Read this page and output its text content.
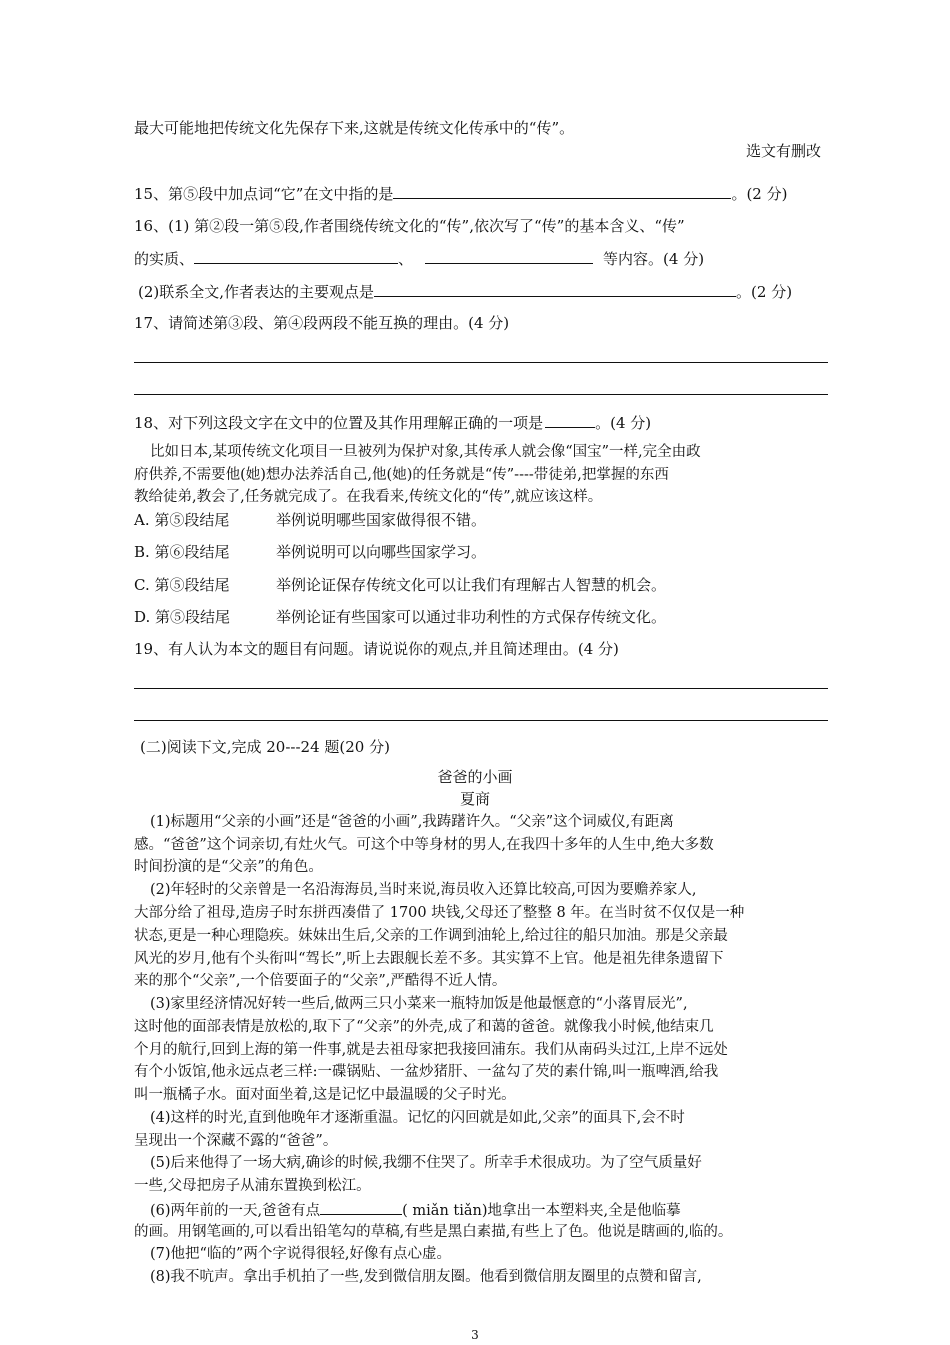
最大可能地把传统文化先保存下来,这就是传统文化传承中的“传”。
选文有删改
15、第⑤段中加点词“它”在文中指的是	。(2 分)
16、(1) 第②段一第⑤段,作者围绕传统文化的“传”,依次写了“传”的基本含义、“传”
的实质、	、	等内容。(4 分)
(2)联系全文,作者表达的主要观点是	。(2 分)
17、请简述第③段、第④段两段不能互换的理由。(4 分)
18、对下列这段文字在文中的位置及其作用理解正确的一项是	。(4 分)
比如日本,某项传统文化项目一旦被列为保护对象,其传承人就会像“国宝”一样,完全由政
府供养,不需要他(她)想办法养活自己,他(她)的任务就是“传”----带徒弟,把掌握的东西
教给徒弟,教会了,任务就完成了。在我看来,传统文化的“传”,就应该这样。
A. 第⑤段结尾	举例说明哪些国家做得很不错。
B. 第⑥段结尾	举例说明可以向哪些国家学习。
C. 第⑤段结尾	举例论证保存传统文化可以让我们有理解古人智慧的机会。
D. 第⑤段结尾	举例论证有些国家可以通过非功利性的方式保存传统文化。
19、有人认为本文的题目有问题。请说说你的观点,并且简述理由。(4 分)
(二)阅读下文,完成 20---24 题(20 分)
爸爸的小画
夏商
(1)标题用“父亲的小画”还是“爸爸的小画”,我踌躇许久。“父亲”这个词威仪,有距离
感。“爸爸”这个词亲切,有灶火气。可这个中等身材的男人,在我四十多年的人生中,绝大多数
时间扮演的是“父亲”的角色。
(2)年轻时的父亲曾是一名沿海海员,当时来说,海员收入还算比较高,可因为要赡养家人,
大部分给了祖母,造房子时东拼西凑借了 1700 块钱,父母还了整整 8 年。在当时贫不仅仅是一种
状态,更是一种心理隐疾。妹妹出生后,父亲的工作调到油轮上,给过往的船只加油。那是父亲最
风光的岁月,他有个头衔叫“驾长”,听上去跟舰长差不多。其实算不上官。他是祖先律条遗留下
来的那个“父亲”,一个倍要面子的“父亲”,严酷得不近人情。
(3)家里经济情况好转一些后,做两三只小菜来一瓶特加饭是他最惬意的“小落胃辰光”,
这时他的面部表情是放松的,取下了“父亲”的外壳,成了和蔼的爸爸。就像我小时候,他结束几
个月的航行,回到上海的第一件事,就是去祖母家把我接回浦东。我们从南码头过江,上岸不远处
有个小饭馆,他永远点老三样:一碟锅贴、一盆炒猪肝、一盆勾了芡的素什锦,叫一瓶啤酒,给我
叫一瓶橘子水。面对面坐着,这是记忆中最温暖的父子时光。
(4)这样的时光,直到他晚年才逐渐重温。记忆的闪回就是如此,父亲”的面具下,会不时
呈现出一个深藏不露的“爸爸”。
(5)后来他得了一场大病,确诊的时候,我绷不住哭了。所幸手术很成功。为了空气质量好
一些,父母把房子从浦东置换到松江。
(6)两年前的一天,爸爸有点	( miǎn tiǎn)地拿出一本塑料夹,全是他临摹
的画。用钢笔画的,可以看出铅笔勾的草稿,有些是黑白素描,有些上了色。他说是瞎画的,临的。
(7)他把“临的”两个字说得很轻,好像有点心虚。
(8)我不吭声。拿出手机拍了一些,发到微信朋友圈。他看到微信朋友圈里的点赞和留言,
3
